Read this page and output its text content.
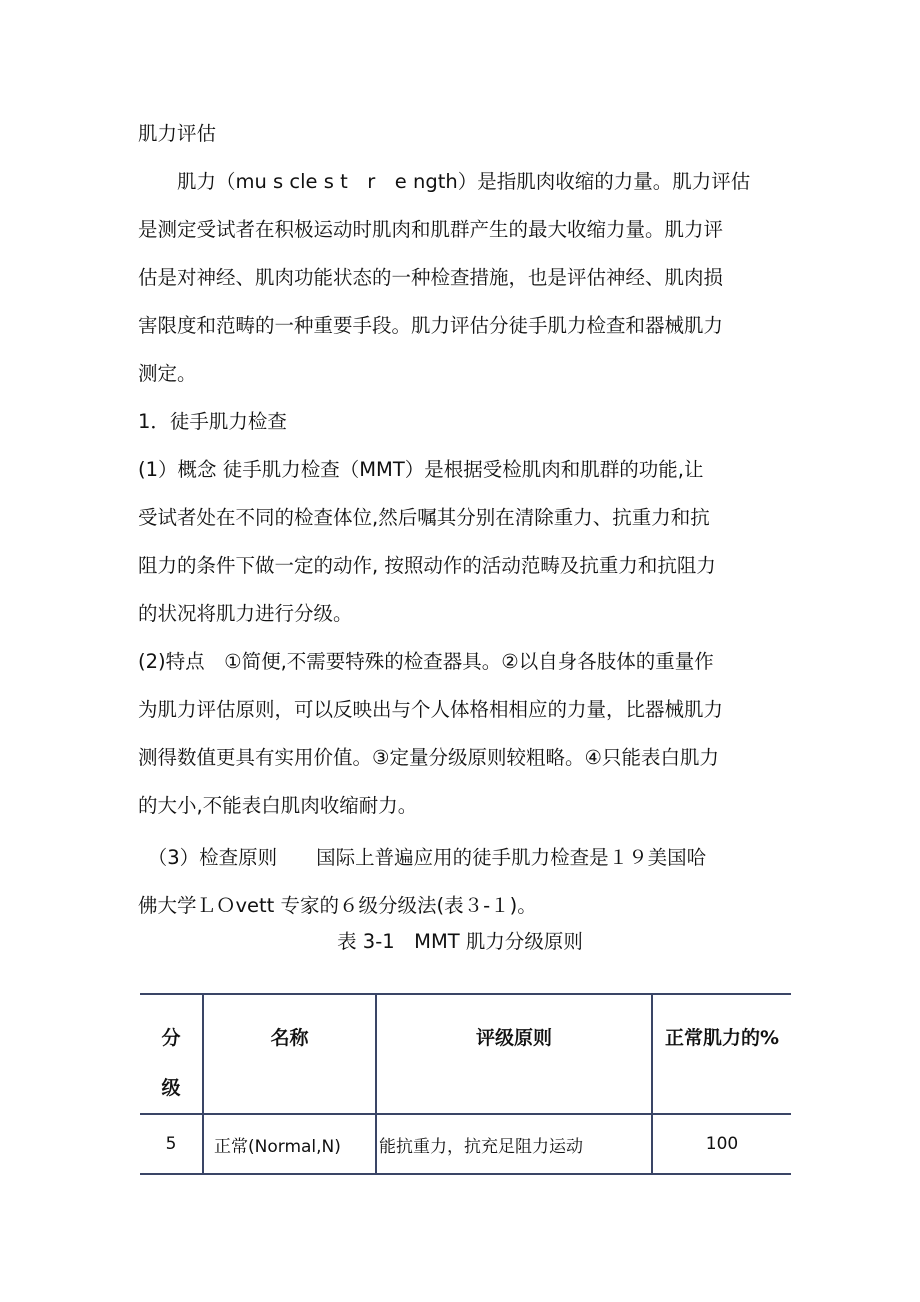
肌力评估
　　肌力（mu s cle s t　r　e ngth）是指肌肉收缩的力量。肌力评估
是测定受试者在积极运动时肌肉和肌群产生的最大收缩力量。肌力评
估是对神经、肌肉功能状态的一种检查措施，也是评估神经、肌肉损
害限度和范畴的一种重要手段。肌力评估分徒手肌力检查和器械肌力
测定。
1．徒手肌力检查
(1）概念 徒手肌力检查（MMT）是根据受检肌肉和肌群的功能,让
受试者处在不同的检查体位,然后嘱其分别在清除重力、抗重力和抗
阻力的条件下做一定的动作, 按照动作的活动范畴及抗重力和抗阻力
的状况将肌力进行分级。
(2)特点　①简便,不需要特殊的检查器具。②以自身各肢体的重量作
为肌力评估原则，可以反映出与个人体格相相应的力量，比器械肌力
测得数值更具有实用价值。③定量分级原则较粗略。④只能表白肌力
的大小,不能表白肌肉收缩耐力。
　（3）检查原则　　国际上普遍应用的徒手肌力检查是１９美国哈
佛大学ＬＯvett 专家的６级分级法(表３-１)。
表 3-1　MMT 肌力分级原则
分
级	名称	评级原则	正常肌力的%

5	正常(Normal,N)	能抗重力，抗充足阻力运动	100
